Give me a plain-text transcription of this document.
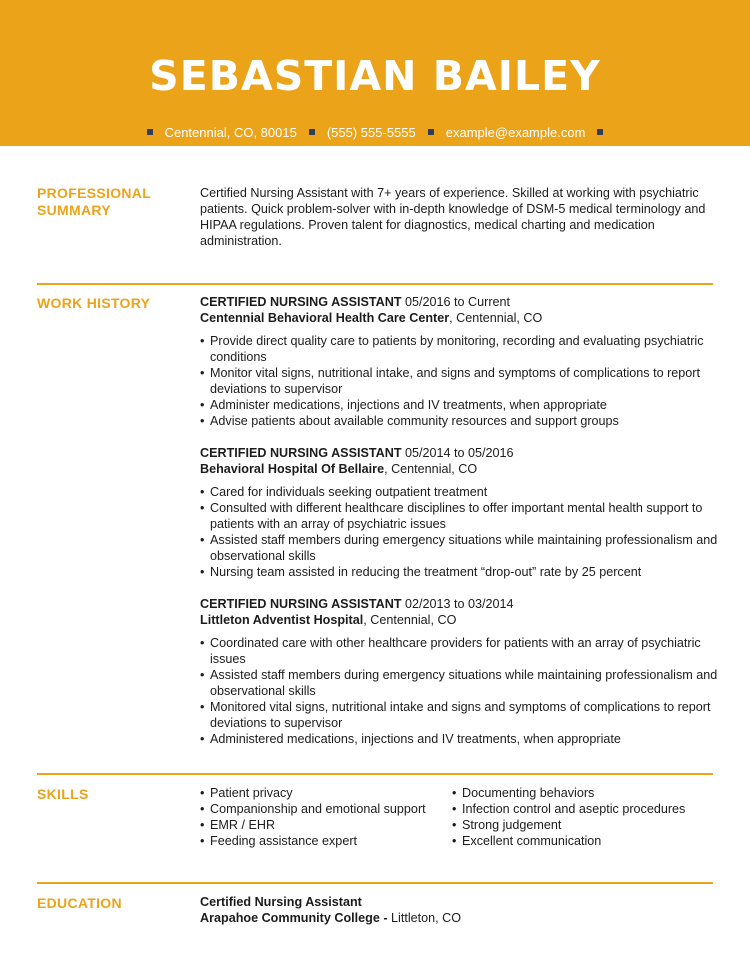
SEBASTIAN BAILEY
Centennial, CO, 80015 (555) 555-5555 example@example.com
PROFESSIONAL
SUMMARY

Certified Nursing Assistant with 7+ years of experience. Skilled at working with psychiatric patients. Quick problem-solver with in-depth knowledge of DSM-5 medical terminology and HIPAA regulations. Proven talent for diagnostics, medical charting and medication administration.

WORK HISTORY	CERTIFIED NURSING ASSISTANT 05/2016 to Current
Centennial Behavioral Health Care Center, Centennial, CO
• Provide direct quality care to patients by monitoring, recording and evaluating psychiatric conditions
• Monitor vital signs, nutritional intake, and signs and symptoms of complications to report deviations to supervisor
• Administer medications, injections and IV treatments, when appropriate
• Advise patients about available community resources and support groups
CERTIFIED NURSING ASSISTANT 05/2014 to 05/2016
Behavioral Hospital Of Bellaire, Centennial, CO
• Cared for individuals seeking outpatient treatment
• Consulted with different healthcare disciplines to offer important mental health support to patients with an array of psychiatric issues
• Assisted staff members during emergency situations while maintaining professionalism and observational skills
• Nursing team assisted in reducing the treatment “drop-out” rate by 25 percent
CERTIFIED NURSING ASSISTANT 02/2013 to 03/2014
Littleton Adventist Hospital, Centennial, CO
• Coordinated care with other healthcare providers for patients with an array of psychiatric issues
• Assisted staff members during emergency situations while maintaining professionalism and observational skills
• Monitored vital signs, nutritional intake and signs and symptoms of complications to report deviations to supervisor
• Administered medications, injections and IV treatments, when appropriate
SKILLS
•	Patient privacy
• Companionship and emotional support
• EMR / EHR
• Feeding assistance expert
• Documenting behaviors
• Infection control and aseptic procedures
• Strong judgement
• Excellent communication
EDUCATION	Certified Nursing Assistant
Arapahoe Community College - Littleton, CO
